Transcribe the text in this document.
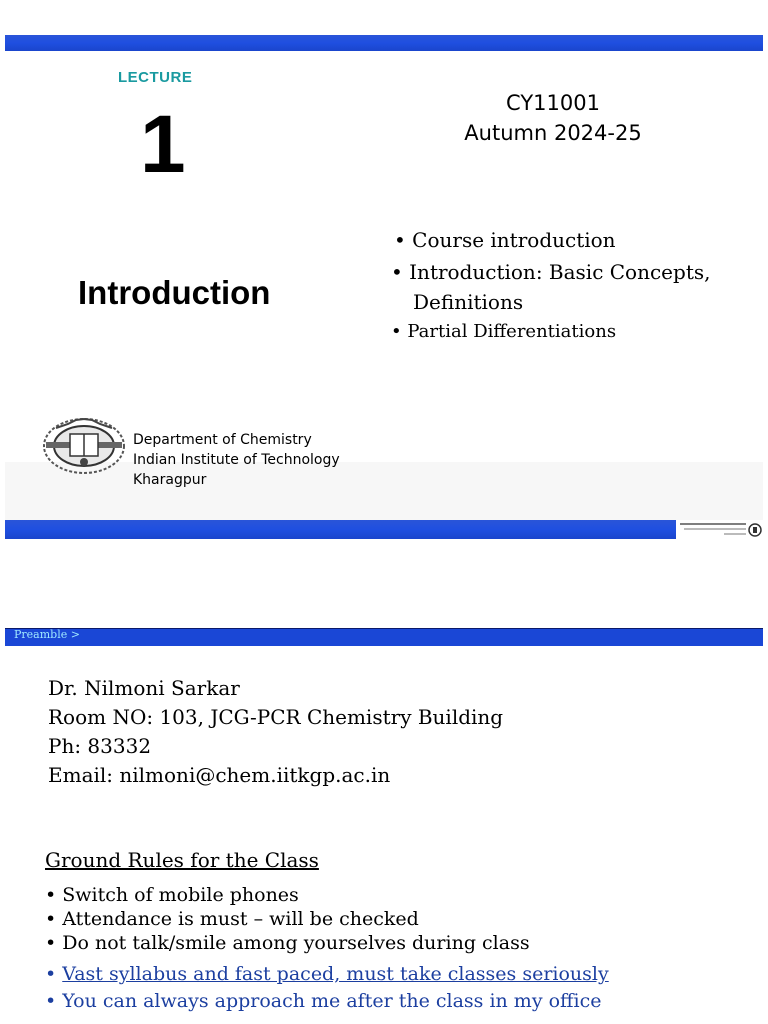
LECTURE
1	CY11001
Autumn 2024-25
Introduction
• Course introduction
• Introduction: Basic Concepts,
Definitions
• Partial Differentiations
Department of Chemistry
Indian Institute of Technology
Kharagpur
Preamble >
Dr. Nilmoni Sarkar
Room NO: 103, JCG-PCR Chemistry Building
Ph: 83332
Email: nilmoni@chem.iitkgp.ac.in
Ground Rules for the Class
• Switch of mobile phones
• Attendance is must – will be checked
• Do not talk/smile among yourselves during class
• Vast syllabus and fast paced, must take classes seriously
• You can always approach me after the class in my office
